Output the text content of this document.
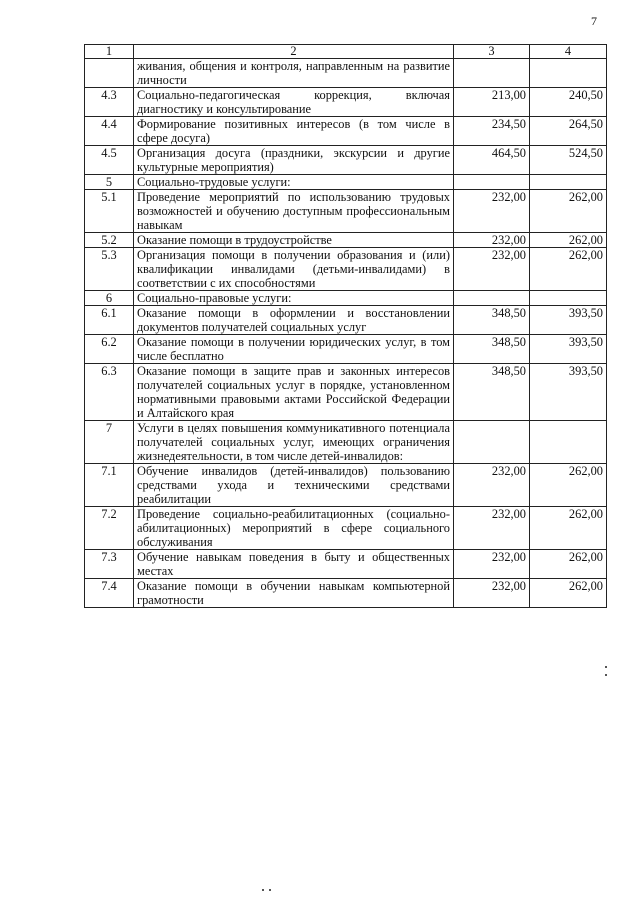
7
1	2	3	4
	живания, общения и контроля, направленным на развитие личности		
4.3	Социально-педагогическая коррекция, включая диагностику и консультирование	213,00	240,50
4.4	Формирование позитивных интересов (в том числе в сфере досуга)	234,50	264,50
4.5	Организация досуга (праздники, экскурсии и другие культурные мероприятия)	464,50	524,50
5	Социально-трудовые услуги:		
5.1	Проведение мероприятий по использованию трудовых возможностей и обучению доступным профессиональным навыкам	232,00	262,00
5.2	Оказание помощи в трудоустройстве	232,00	262,00
5.3	Организация помощи в получении образования и (или) квалификации инвалидами (детьми-инвалидами) в соответствии с их способностями	232,00	262,00
6	Социально-правовые услуги:		
6.1	Оказание помощи в оформлении и восстановлении документов получателей социальных услуг	348,50	393,50
6.2	Оказание помощи в получении юридических услуг, в том числе бесплатно	348,50	393,50
6.3	Оказание помощи в защите прав и законных интересов получателей социальных услуг в порядке, установленном нормативными правовыми актами Российской Федерации и Алтайского края	348,50	393,50
7	Услуги в целях повышения коммуникативного потенциала получателей социальных услуг, имеющих ограничения жизнедеятельности, в том числе детей-инвалидов:		
7.1	Обучение инвалидов (детей-инвалидов) пользованию средствами ухода и техническими средствами реабилитации	232,00	262,00
7.2	Проведение социально-реабилитационных (социально-абилитационных) мероприятий в сфере социального обслуживания	232,00	262,00
7.3	Обучение навыкам поведения в быту и общественных местах	232,00	262,00
7.4	Оказание помощи в обучении навыкам компьютерной грамотности	232,00	262,00
